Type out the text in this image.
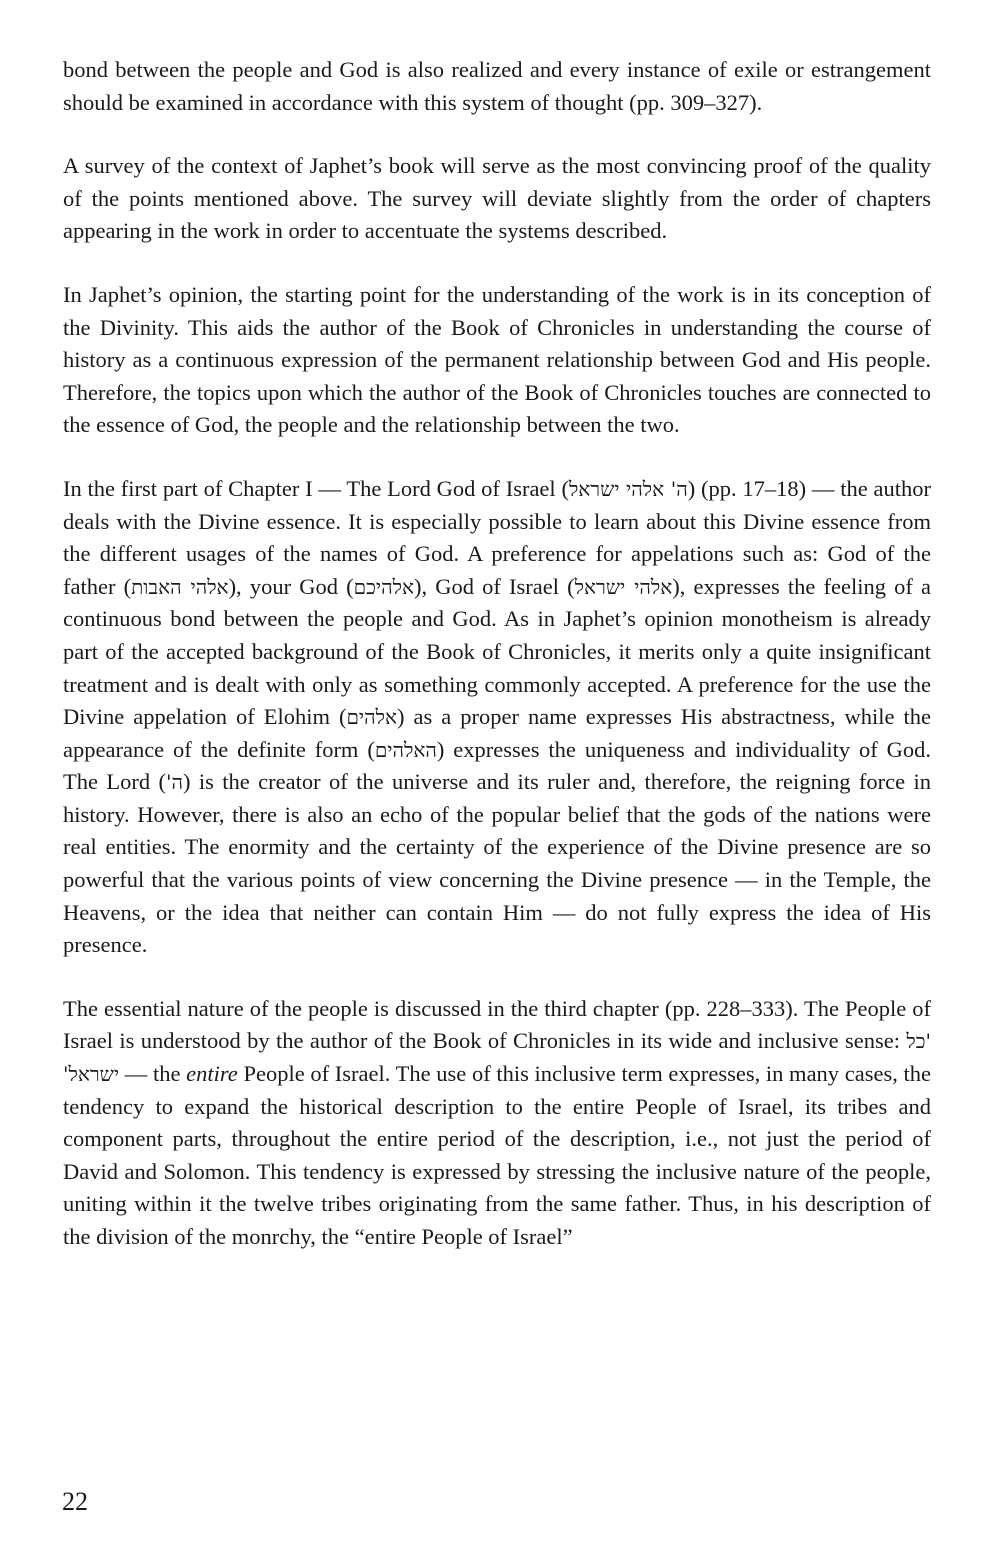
bond between the people and God is also realized and every instance of exile or estrangement should be examined in accordance with this system of thought (pp. 309–327).

A survey of the context of Japhet’s book will serve as the most convincing proof of the quality of the points mentioned above. The survey will deviate slightly from the order of chapters appearing in the work in order to accentuate the systems described.

In Japhet’s opinion, the starting point for the understanding of the work is in its conception of the Divinity. This aids the author of the Book of Chronicles in understanding the course of history as a continuous expression of the permanent relationship between God and His people. Therefore, the topics upon which the author of the Book of Chronicles touches are connected to the essence of God, the people and the relationship between the two.

In the first part of Chapter I — The Lord God of Israel (ה' אלהי ישראל) (pp. 17–18) — the author deals with the Divine essence. It is especially possible to learn about this Divine essence from the different usages of the names of God. A preference for appelations such as: God of the father (אלהי האבות), your God (אלהיכם), God of Israel (אלהי ישראל), expresses the feeling of a continuous bond between the people and God. As in Japhet’s opinion monotheism is already part of the accepted background of the Book of Chronicles, it merits only a quite insignificant treatment and is dealt with only as something commonly accepted. A preference for the use the Divine appelation of Elohim (אלהים) as a proper name expresses His abstractness, while the appearance of the definite form (האלהים) expresses the uniqueness and individuality of God. The Lord (ה') is the creator of the universe and its ruler and, therefore, the reigning force in history. However, there is also an echo of the popular belief that the gods of the nations were real entities. The enormity and the certainty of the experience of the Divine presence are so powerful that the various points of view concerning the Divine presence — in the Temple, the Heavens, or the idea that neither can contain Him — do not fully express the idea of His presence.

The essential nature of the people is discussed in the third chapter (pp. 228–333). The People of Israel is understood by the author of the Book of Chronicles in its wide and inclusive sense: 'כל ישראל' — the entire People of Israel. The use of this inclusive term expresses, in many cases, the tendency to expand the historical description to the entire People of Israel, its tribes and component parts, throughout the entire period of the description, i.e., not just the period of David and Solomon. This tendency is expressed by stressing the inclusive nature of the people, uniting within it the twelve tribes originating from the same father. Thus, in his description of the division of the monrchy, the “entire People of Israel”

22
